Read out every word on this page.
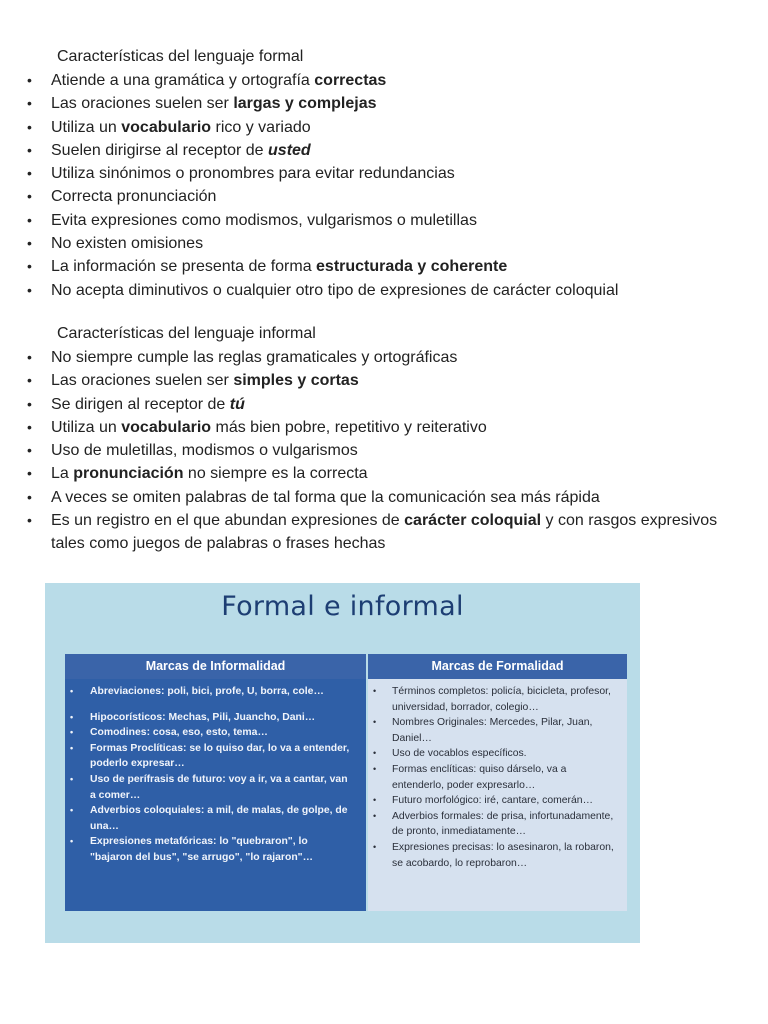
Características del lenguaje formal
• Atiende a una gramática y ortografía correctas
• Las oraciones suelen ser largas y complejas
• Utiliza un vocabulario rico y variado
• Suelen dirigirse al receptor de usted
• Utiliza sinónimos o pronombres para evitar redundancias
• Correcta pronunciación
• Evita expresiones como modismos, vulgarismos o muletillas
• No existen omisiones
• La información se presenta de forma estructurada y coherente
• No acepta diminutivos o cualquier otro tipo de expresiones de carácter coloquial
Características del lenguaje informal
• No siempre cumple las reglas gramaticales y ortográficas
• Las oraciones suelen ser simples y cortas
• Se dirigen al receptor de tú
• Utiliza un vocabulario más bien pobre, repetitivo y reiterativo
• Uso de muletillas, modismos o vulgarismos
• La pronunciación no siempre es la correcta
• A veces se omiten palabras de tal forma que la comunicación sea más rápida
• Es un registro en el que abundan expresiones de carácter coloquial y con rasgos expresivos tales como juegos de palabras o frases hechas
Formal e informal
Marcas de Informalidad
• Abreviaciones: poli, bici, profe, U, borra, cole…
• Hipocorísticos: Mechas, Pili, Juancho, Dani…
• Comodines: cosa, eso, esto, tema…
• Formas Proclíticas: se lo quiso dar, lo va a entender, poderlo expresar…
• Uso de perífrasis de futuro: voy a ir, va a cantar, van a comer…
• Adverbios coloquiales: a mil, de malas, de golpe, de una…
• Expresiones metafóricas: lo "quebraron", lo "bajaron del bus", "se arrugo", "lo rajaron"…
Marcas de Formalidad
• Términos completos: policía, bicicleta, profesor, universidad, borrador, colegio…
• Nombres Originales: Mercedes, Pilar, Juan, Daniel…
• Uso de vocablos específicos.
• Formas enclíticas: quiso dárselo, va a entenderlo, poder expresarlo…
• Futuro morfológico: iré, cantare, comerán…
• Adverbios formales: de prisa, infortunadamente, de pronto, inmediatamente…
• Expresiones precisas: lo asesinaron, la robaron, se acobardo, lo reprobaron…
